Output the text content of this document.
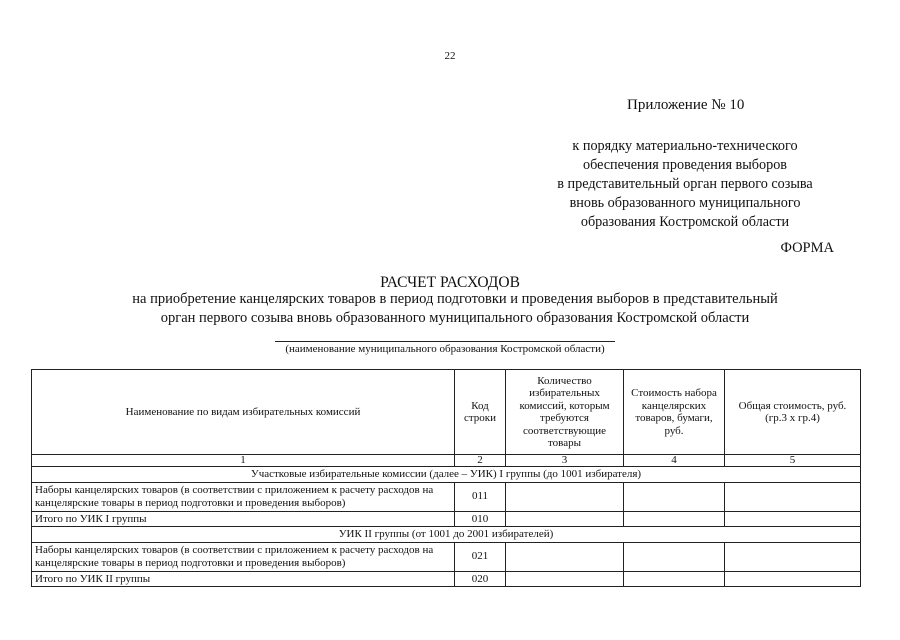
22
Приложение № 10
к порядку материально-технического
обеспечения проведения выборов
в представительный орган первого созыва
вновь образованного муниципального
образования Костромской области
ФОРМА
РАСЧЕТ РАСХОДОВ
на приобретение канцелярских товаров в период подготовки и проведения выборов в представительный
орган первого созыва вновь образованного муниципального образования Костромской области
(наименование муниципального образования Костромской области)
Наименование по видам избирательных комиссий	Код строки	Количество избирательных комиссий, которым требуются соответствующие товары	Стоимость набора канцелярских товаров, бумаги, руб.	Общая стоимость, руб. (гр.3 х гр.4)
1	2	3	4	5
Участковые избирательные комиссии (далее – УИК) I группы (до 1001 избирателя)				
Наборы канцелярских товаров (в соответствии с приложением к расчету расходов на канцелярские товары в период подготовки и проведения выборов)	011			
Итого по УИК I группы	010			
УИК II группы (от 1001 до 2001 избирателей)				
Наборы канцелярских товаров (в соответствии с приложением к расчету расходов на канцелярские товары в период подготовки и проведения выборов)	021			
Итого по УИК II группы	020			
